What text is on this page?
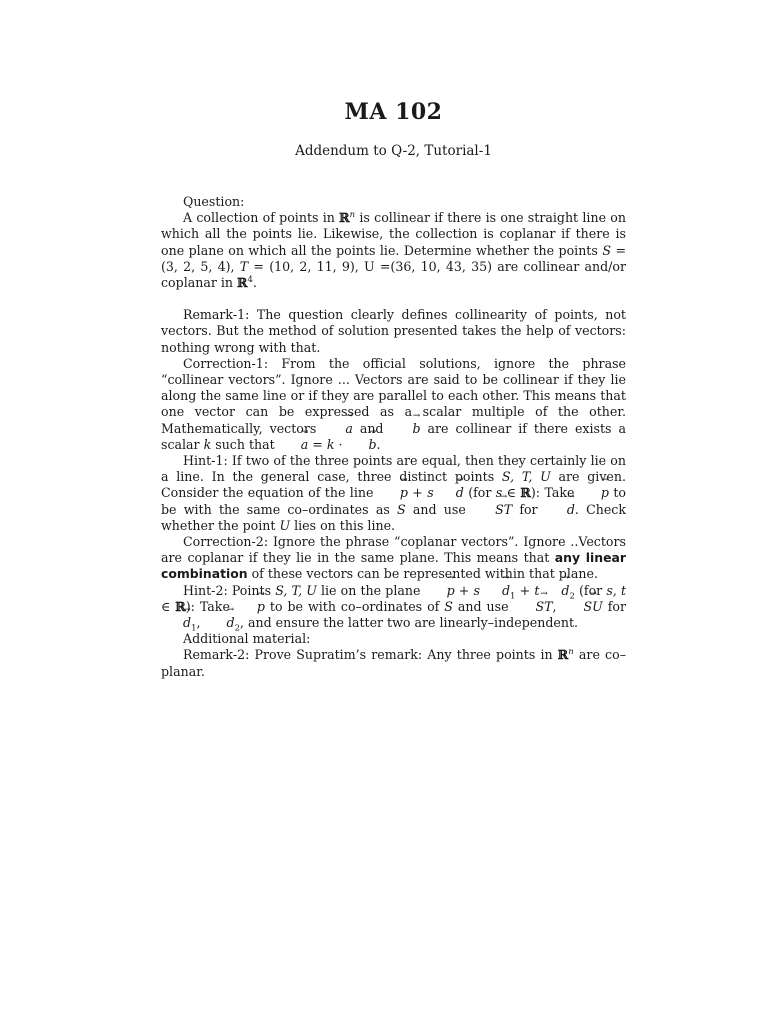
MA 102
Addendum to Q-2, Tutorial-1

Question:

A collection of points in ℝ$^n$ is collinear if there is one straight line on which all the points lie. Likewise, the collection is coplanar if there is one plane on which all the points lie. Determine whether the points S = (3, 2, 5, 4), T = (10, 2, 11, 9), U =(36, 10, 43, 35) are collinear and/or coplanar in ℝ$^4$.

Remark-1: The question clearly defines collinearity of points, not vectors. But the method of solution presented takes the help of vectors: nothing wrong with that.

Correction-1: From the official solutions, ignore the phrase “collinear vectors”. Ignore ... Vectors are said to be collinear if they lie along the same line or if they are parallel to each other. This means that one vector can be expressed as a scalar multiple of the other. Mathematically, vectors → a and → b are collinear if there exists a scalar k such that → a = k · → b.

Hint-1: If two of the three points are equal, then they certainly lie on a line. In the general case, three distinct points S, T, U are given. Consider the equation of the line → p + s → d (for s ∈ ℝ): Take → p to be with the same co–ordinates as S and use → ST for → d. Check whether the point U lies on this line.

Correction-2: Ignore the phrase “coplanar vectors”. Ignore ..Vectors are coplanar if they lie in the same plane. This means that any linear combination of these vectors can be represented within that plane.

Hint-2: Points S, T, U lie on the plane → $p + s \to d_1 + t \to d_2$ (for s, t ∈ ℝ): Take → p to be with co–ordinates of S and use → ST, → SU for → $d_1$, → $d_2$, and ensure the latter two are linearly–independent.

Additional material:

Remark-2: Prove Supratim’s remark: Any three points in ℝ$^n$ are co–planar.
